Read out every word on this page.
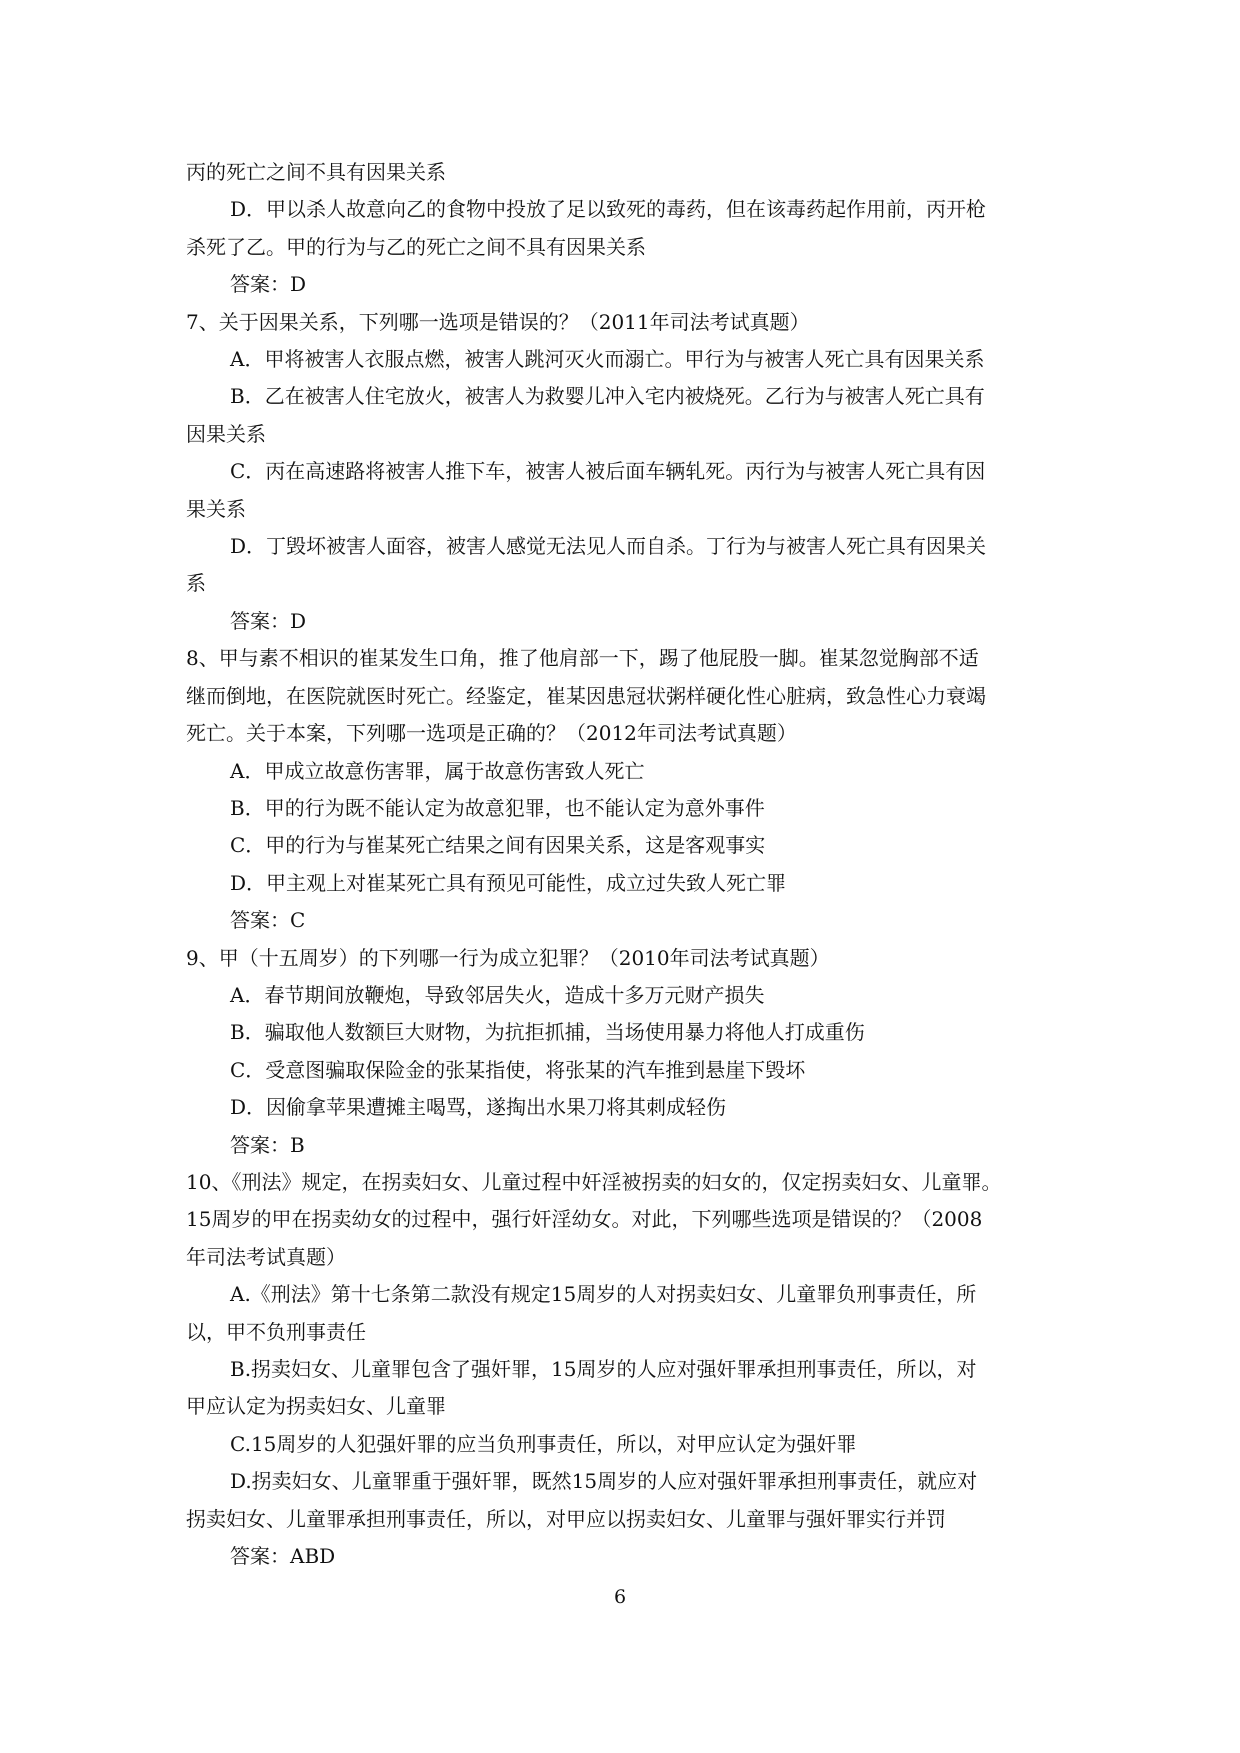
丙的死亡之间不具有因果关系
D．甲以杀人故意向乙的食物中投放了足以致死的毒药，但在该毒药起作用前，丙开枪
杀死了乙。甲的行为与乙的死亡之间不具有因果关系
答案：D
7、关于因果关系，下列哪一选项是错误的？（2011年司法考试真题）
A．甲将被害人衣服点燃，被害人跳河灭火而溺亡。甲行为与被害人死亡具有因果关系
B．乙在被害人住宅放火，被害人为救婴儿冲入宅内被烧死。乙行为与被害人死亡具有
因果关系
C．丙在高速路将被害人推下车，被害人被后面车辆轧死。丙行为与被害人死亡具有因
果关系
D．丁毁坏被害人面容，被害人感觉无法见人而自杀。丁行为与被害人死亡具有因果关
系
答案：D
8、甲与素不相识的崔某发生口角，推了他肩部一下，踢了他屁股一脚。崔某忽觉胸部不适
继而倒地，在医院就医时死亡。经鉴定，崔某因患冠状粥样硬化性心脏病，致急性心力衰竭
死亡。关于本案，下列哪一选项是正确的？（2012年司法考试真题）
A．甲成立故意伤害罪，属于故意伤害致人死亡
B．甲的行为既不能认定为故意犯罪，也不能认定为意外事件
C．甲的行为与崔某死亡结果之间有因果关系，这是客观事实
D．甲主观上对崔某死亡具有预见可能性，成立过失致人死亡罪
答案：C
9、甲（十五周岁）的下列哪一行为成立犯罪？（2010年司法考试真题）
A．春节期间放鞭炮，导致邻居失火，造成十多万元财产损失
B．骗取他人数额巨大财物，为抗拒抓捕，当场使用暴力将他人打成重伤
C．受意图骗取保险金的张某指使，将张某的汽车推到悬崖下毁坏
D．因偷拿苹果遭摊主喝骂，遂掏出水果刀将其刺成轻伤
答案：B
10、《刑法》规定，在拐卖妇女、儿童过程中奸淫被拐卖的妇女的，仅定拐卖妇女、儿童罪。
15周岁的甲在拐卖幼女的过程中，强行奸淫幼女。对此，下列哪些选项是错误的？（2008
年司法考试真题）
A.《刑法》第十七条第二款没有规定15周岁的人对拐卖妇女、儿童罪负刑事责任，所
以，甲不负刑事责任
B.拐卖妇女、儿童罪包含了强奸罪，15周岁的人应对强奸罪承担刑事责任，所以，对
甲应认定为拐卖妇女、儿童罪
C.15周岁的人犯强奸罪的应当负刑事责任，所以，对甲应认定为强奸罪
D.拐卖妇女、儿童罪重于强奸罪，既然15周岁的人应对强奸罪承担刑事责任，就应对
拐卖妇女、儿童罪承担刑事责任，所以，对甲应以拐卖妇女、儿童罪与强奸罪实行并罚
答案：ABD
6
